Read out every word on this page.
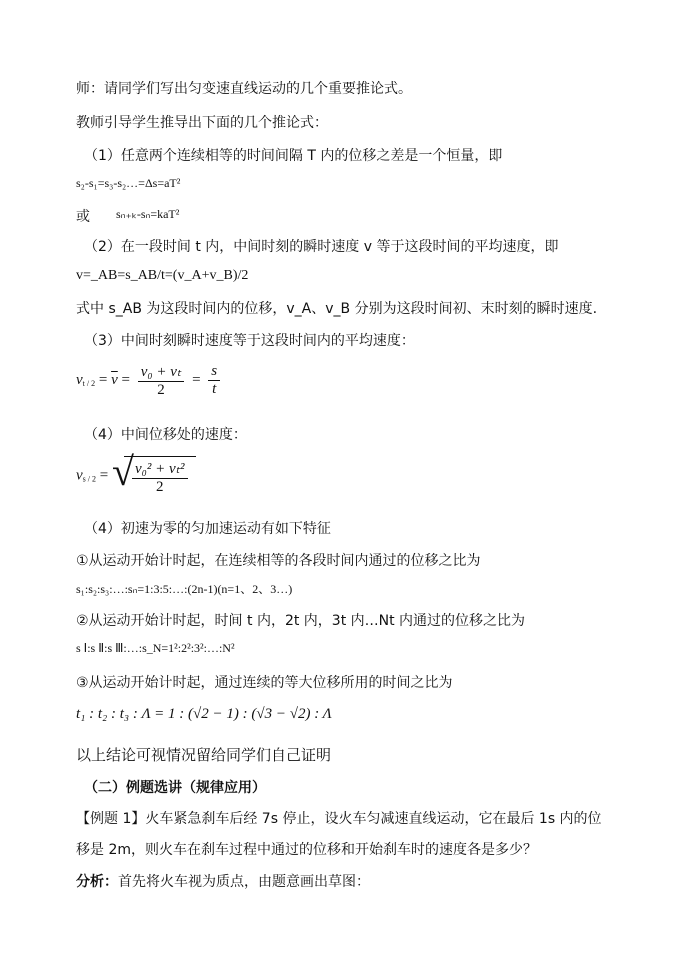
师：请同学们写出匀变速直线运动的几个重要推论式。
教师引导学生推导出下面的几个推论式：
（1）任意两个连续相等的时间间隔 T 内的位移之差是一个恒量，即
s₂-s₁=s₃-s₂…=Δs=aT²
或 sₙ₊ₖ-sₙ=kaT²
（2）在一段时间 t 内，中间时刻的瞬时速度 v 等于这段时间的平均速度，即
v=_AB=s_AB/t=(v_A+v_B)/2
式中 s_AB 为这段时间内的位移，v_A、v_B 分别为这段时间初、末时刻的瞬时速度.
（3）中间时刻瞬时速度等于这段时间内的平均速度：
$v_{t / 2} = \overline{v} = \frac{\text{v₀ + vₜ}}{2} = \frac{s}{t}$
（4）中间位移处的速度：
$v_{s / 2}$ = √
$\frac{\text{v₀² + vₜ²}}{2}$
（4）初速为零的匀加速运动有如下特征
①从运动开始计时起，在连续相等的各段时间内通过的位移之比为
s₁:s₂:s₃:…:sₙ=1:3:5:…:(2n-1)(n=1、2、3…)
②从运动开始计时起，时间 t 内，2t 内，3t 内…Nt 内通过的位移之比为
s Ⅰ:s Ⅱ:s Ⅲ:…:s_N=1²:2²:3²:…:N²
③从运动开始计时起，通过连续的等大位移所用的时间之比为
t₁ : t₂ : t₃ : Λ = 1 : (√2 − 1) : (√3 − √2) : Λ
以上结论可视情况留给同学们自己证明
（二）例题选讲（规律应用）
【例题 1】火车紧急刹车后经 7s 停止，设火车匀减速直线运动，它在最后 1s 内的位
移是 2m，则火车在刹车过程中通过的位移和开始刹车时的速度各是多少？
分析：首先将火车视为质点，由题意画出草图：
